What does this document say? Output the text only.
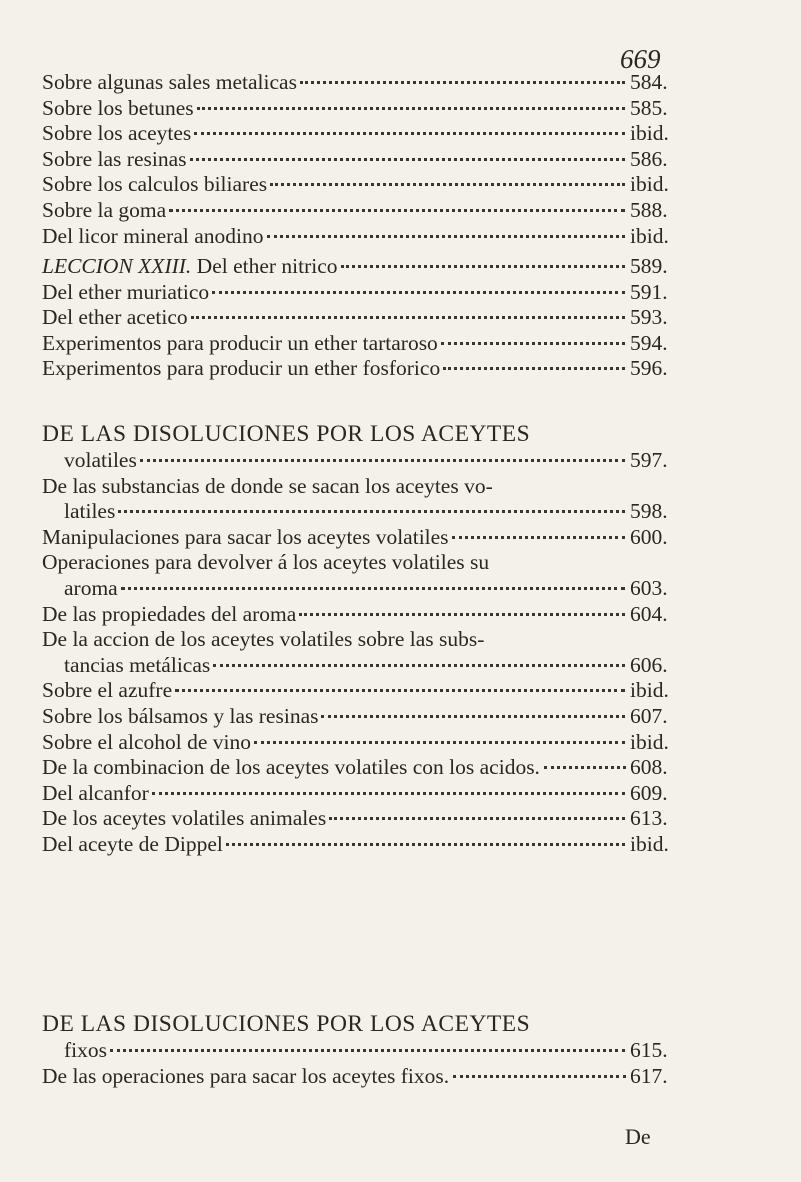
669
Sobre algunas sales metalicas	584.
Sobre los betunes	585.
Sobre los aceytes	ibid.
Sobre las resinas	586.
Sobre los calculos biliares	ibid.
Sobre la goma	588.
Del licor mineral anodino	ibid.
LECCION XXIII. Del ether nitrico	589.
Del ether muriatico	591.
Del ether acetico	593.
Experimentos para producir un ether tartaroso	594.
Experimentos para producir un ether fosforico	596.
DE LAS DISOLUCIONES POR LOS ACEYTES
volatiles	597.
De las substancias de donde se sacan los aceytes vo-
latiles	598.
Manipulaciones para sacar los aceytes volatiles	600.
Operaciones para devolver á los aceytes volatiles su
aroma	603.
De las propiedades del aroma	604.
De la accion de los aceytes volatiles sobre las subs-
tancias metálicas	606.
Sobre el azufre	ibid.
Sobre los bálsamos y las resinas	607.
Sobre el alcohol de vino	ibid.
De la combinacion de los aceytes volatiles con los acidos.	608.
Del alcanfor	609.
De los aceytes volatiles animales	613.
Del aceyte de Dippel	ibid.
DE LAS DISOLUCIONES POR LOS ACEYTES
fixos	615.
De las operaciones para sacar los aceytes fixos.	617.
De
